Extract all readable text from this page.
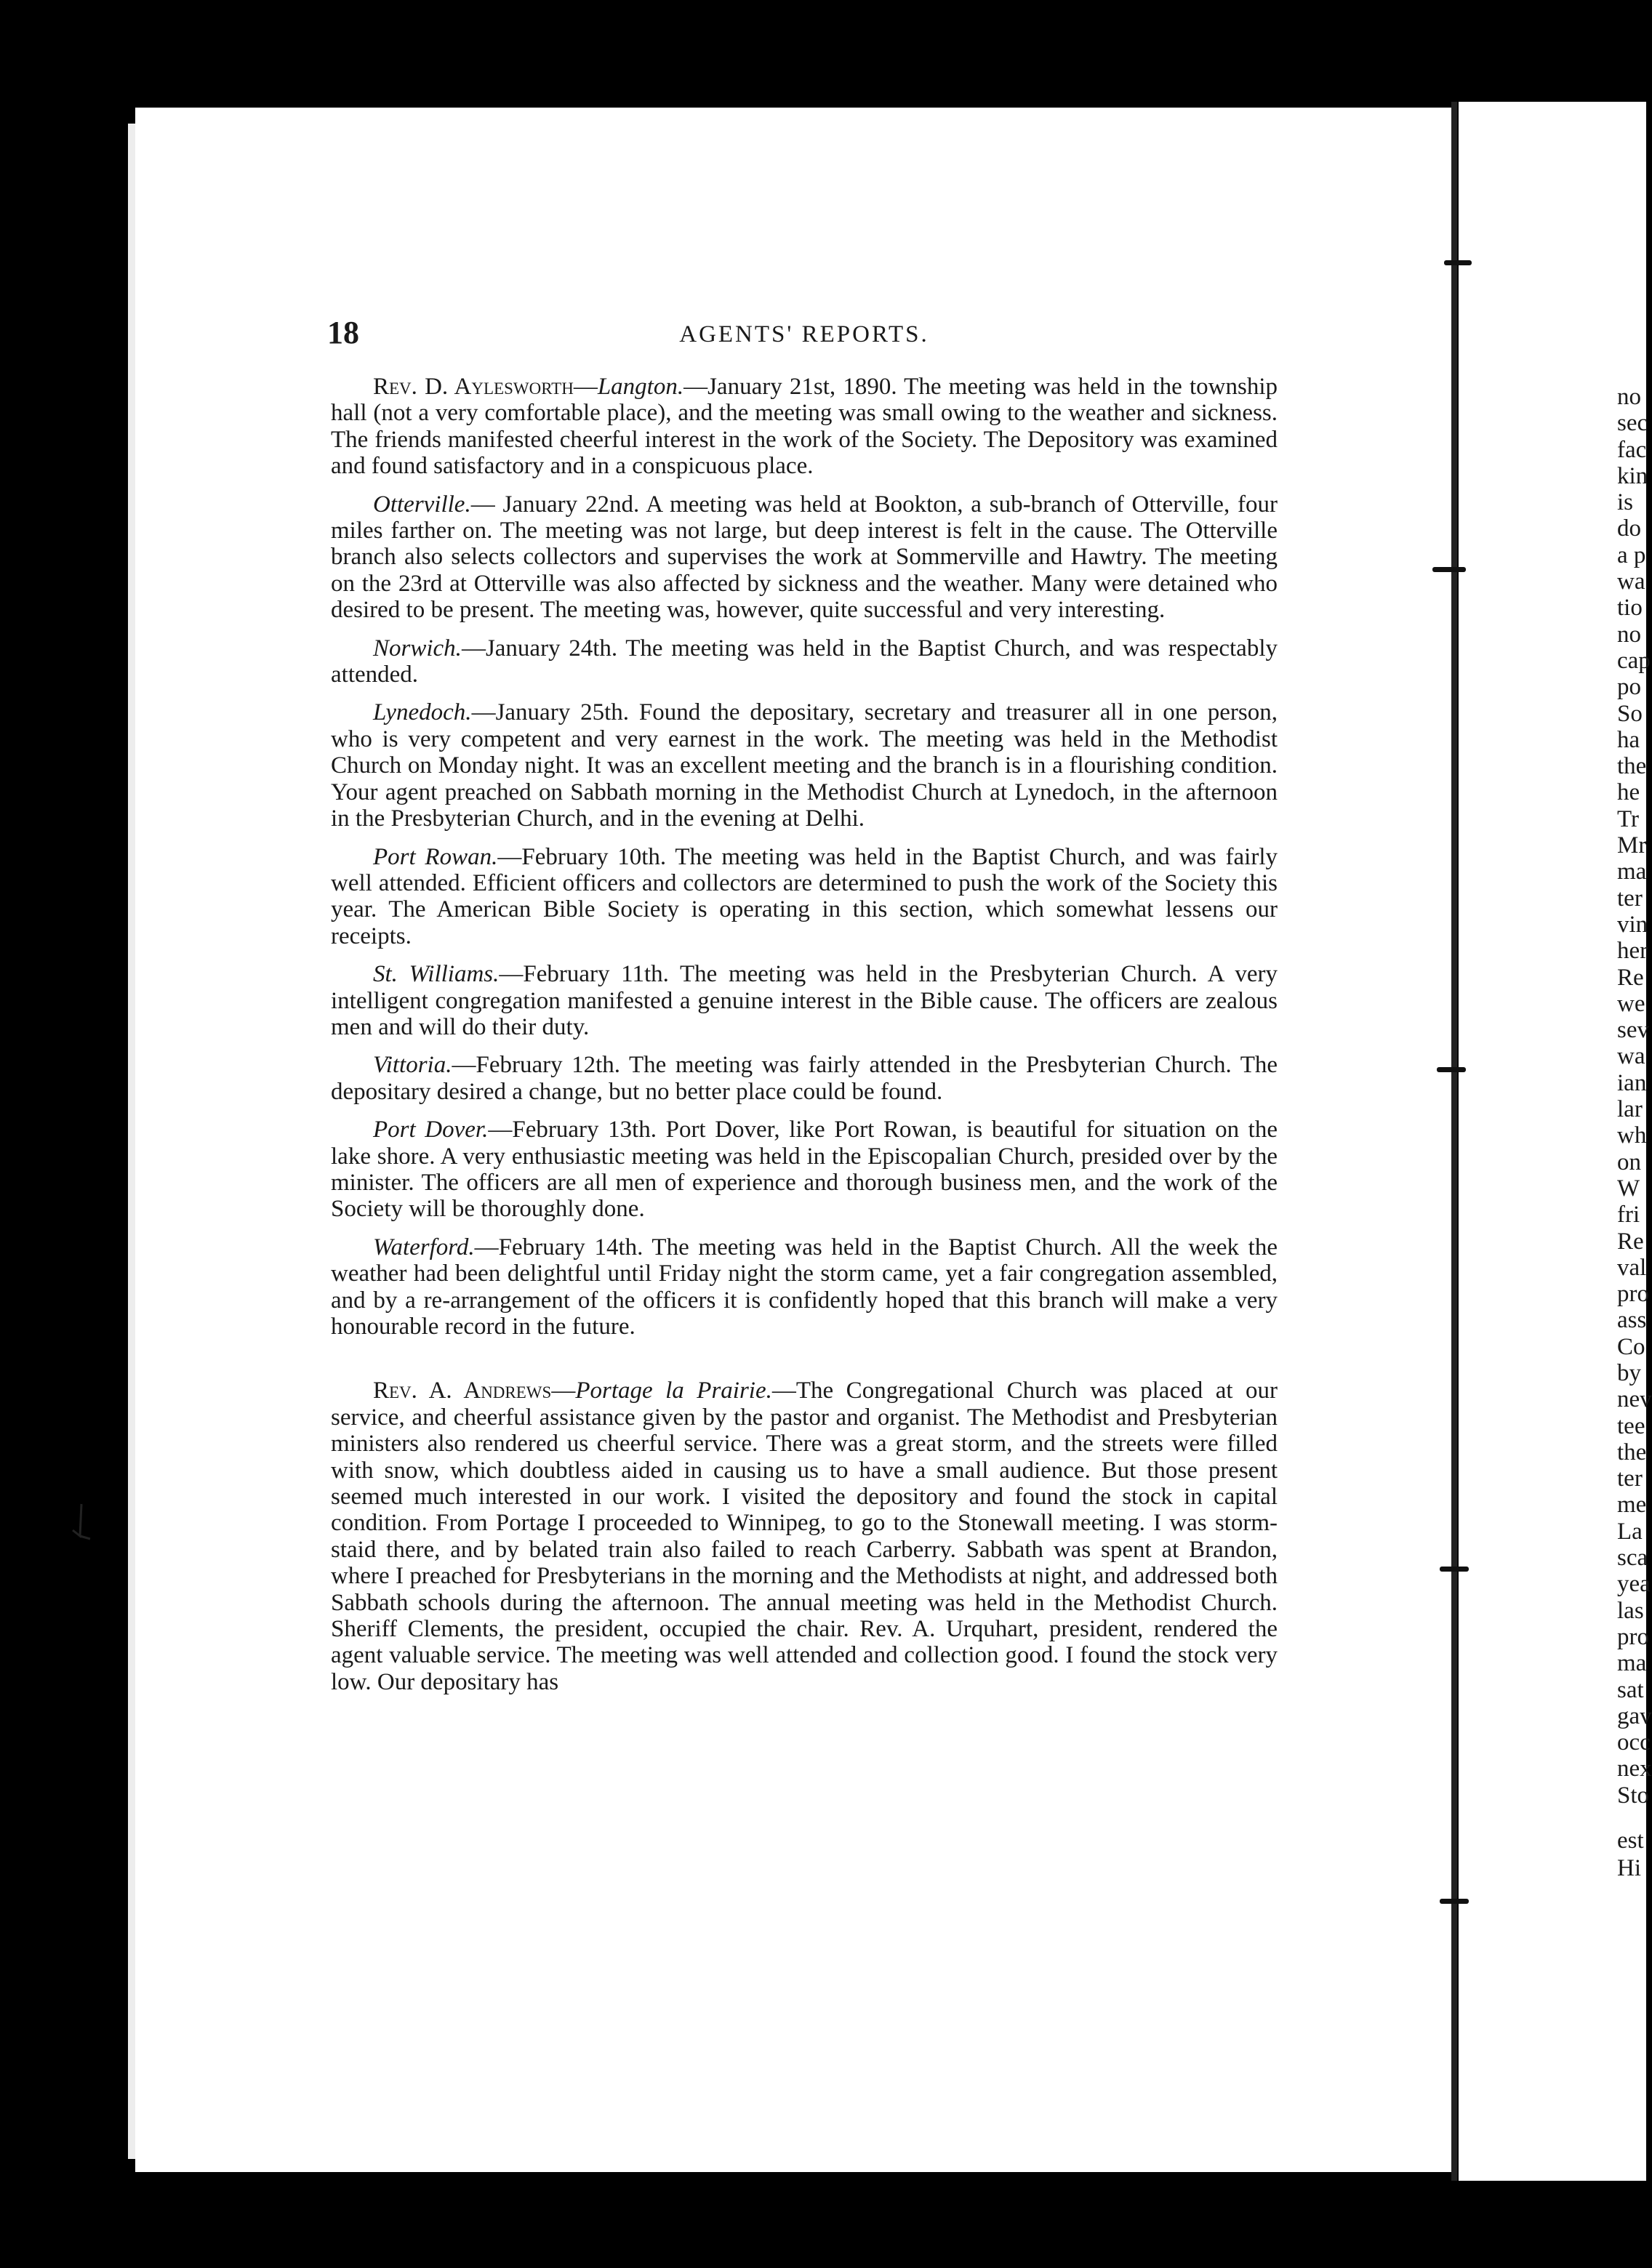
18	AGENTS' REPORTS.

Rev. D. Aylesworth—Langton.—January 21st, 1890. The meeting was held in the township hall (not a very comfortable place), and the meeting was small owing to the weather and sickness. The friends manifested cheerful interest in the work of the Society. The Depository was examined and found satisfactory and in a conspicuous place.

Otterville.— January 22nd. A meeting was held at Bookton, a sub-branch of Otterville, four miles farther on. The meeting was not large, but deep interest is felt in the cause. The Otterville branch also selects collectors and supervises the work at Sommerville and Hawtry. The meeting on the 23rd at Otterville was also affected by sickness and the weather. Many were detained who desired to be present. The meeting was, however, quite successful and very interesting.

Norwich.—January 24th. The meeting was held in the Baptist Church, and was respectably attended.

Lynedoch.—January 25th. Found the depositary, secretary and treasurer all in one person, who is very competent and very earnest in the work. The meeting was held in the Methodist Church on Monday night. It was an excellent meeting and the branch is in a flourishing condition. Your agent preached on Sabbath morning in the Methodist Church at Lynedoch, in the afternoon in the Presbyterian Church, and in the evening at Delhi.

Port Rowan.—February 10th. The meeting was held in the Baptist Church, and was fairly well attended. Efficient officers and collectors are determined to push the work of the Society this year. The American Bible Society is operating in this section, which somewhat lessens our receipts.

St. Williams.—February 11th. The meeting was held in the Presbyterian Church. A very intelligent congregation manifested a genuine interest in the Bible cause. The officers are zealous men and will do their duty.

Vittoria.—February 12th. The meeting was fairly attended in the Presbyterian Church. The depositary desired a change, but no better place could be found.

Port Dover.—February 13th. Port Dover, like Port Rowan, is beautiful for situation on the lake shore. A very enthusiastic meeting was held in the Episcopalian Church, presided over by the minister. The officers are all men of experience and thorough business men, and the work of the Society will be thoroughly done.

Waterford.—February 14th. The meeting was held in the Baptist Church. All the week the weather had been delightful until Friday night the storm came, yet a fair congregation assembled, and by a re-arrangement of the officers it is confidently hoped that this branch will make a very honourable record in the future.

Rev. A. Andrews—Portage la Prairie.—The Congregational Church was placed at our service, and cheerful assistance given by the pastor and organist. The Methodist and Presbyterian ministers also rendered us cheerful service. There was a great storm, and the streets were filled with snow, which doubtless aided in causing us to have a small audience. But those present seemed much interested in our work. I visited the depository and found the stock in capital condition. From Portage I proceeded to Winnipeg, to go to the Stonewall meeting. I was storm-staid there, and by belated train also failed to reach Carberry. Sabbath was spent at Brandon, where I preached for Presbyterians in the morning and the Methodists at night, and addressed both Sabbath schools during the afternoon. The annual meeting was held in the Methodist Church. Sheriff Clements, the president, occupied the chair. Rev. A. Urquhart, president, rendered the agent valuable service. The meeting was well attended and collection good. I found the stock very low. Our depositary has

no
sec
fac
kin
is
do
a p
wa
tio
no
cap
po
So
ha
the
he
Tr
Mr
ma
ter
vin
her
Re
we
sev
wa
ian
lar
wh
on
W
fri
Re
val
pro
ass
Co
by
nev
tee
the
ter
me
La
sca
yea
las
pro
ma
sat
gav
occ
nex
Sto
est
Hi
